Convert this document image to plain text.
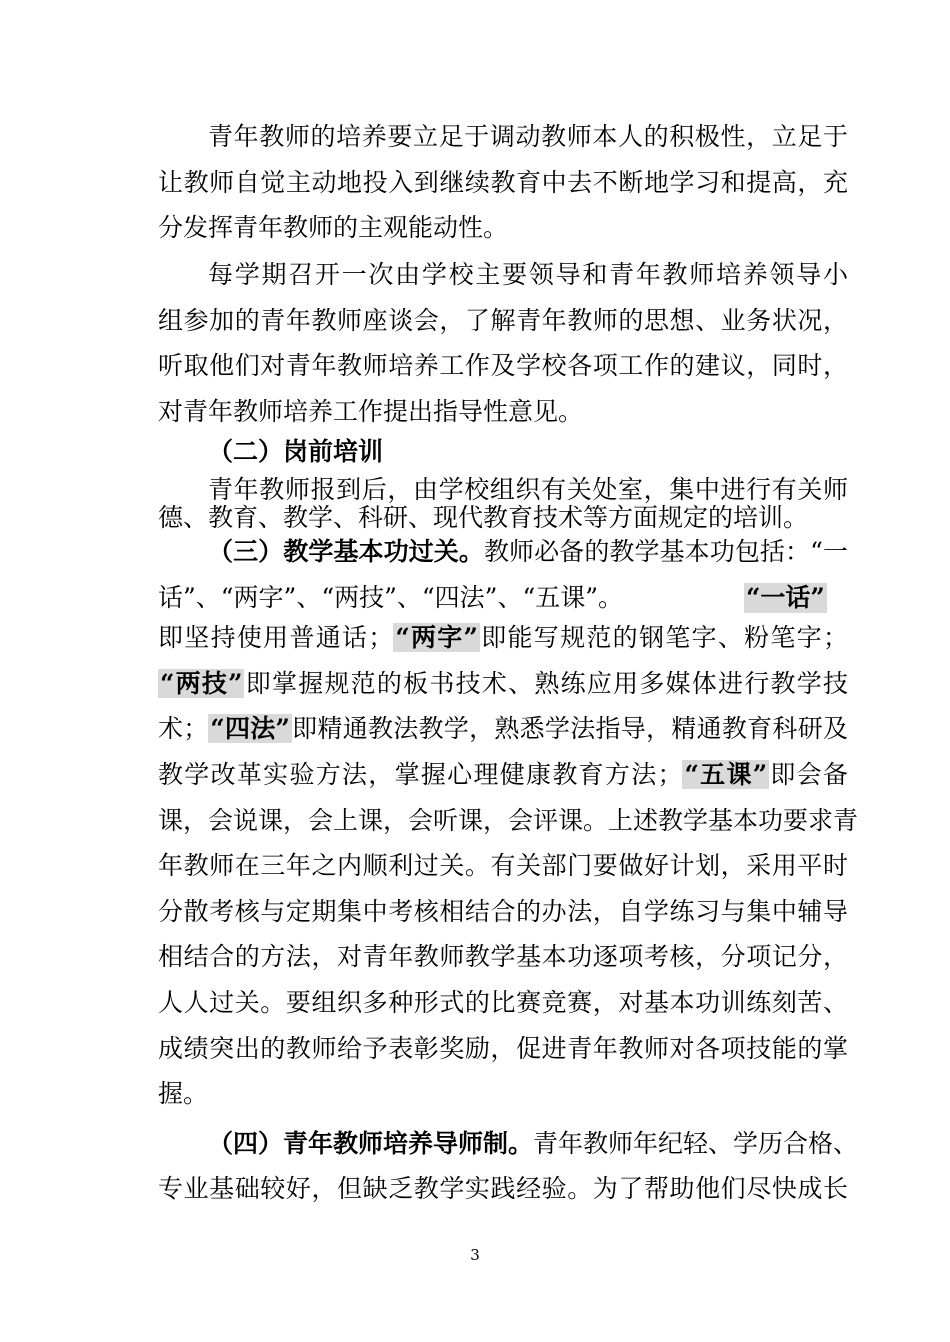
青年教师的培养要立足于调动教师本人的积极性，立足于
让教师自觉主动地投入到继续教育中去不断地学习和提高，充
分发挥青年教师的主观能动性。
每学期召开一次由学校主要领导和青年教师培养领导小
组参加的青年教师座谈会，了解青年教师的思想、业务状况，
听取他们对青年教师培养工作及学校各项工作的建议，同时，
对青年教师培养工作提出指导性意见。
（二）岗前培训
青年教师报到后，由学校组织有关处室，集中进行有关师
德、教育、教学、科研、现代教育技术等方面规定的培训。
（三）教学基本功过关。教师必备的教学基本功包括：“一
话”、“两字”、“两技”、“四法”、“五课”。	“一话”
即坚持使用普通话；“两字”即能写规范的钢笔字、粉笔字；
“两技”即掌握规范的板书技术、熟练应用多媒体进行教学技
术；“四法”即精通教法教学，熟悉学法指导，精通教育科研及
教学改革实验方法，掌握心理健康教育方法；“五课”即会备
课，会说课，会上课，会听课，会评课。上述教学基本功要求青
年教师在三年之内顺利过关。有关部门要做好计划，采用平时
分散考核与定期集中考核相结合的办法，自学练习与集中辅导
相结合的方法，对青年教师教学基本功逐项考核，分项记分，
人人过关。要组织多种形式的比赛竞赛，对基本功训练刻苦、
成绩突出的教师给予表彰奖励，促进青年教师对各项技能的掌
握。
（四）青年教师培养导师制。青年教师年纪轻、学历合格、
专业基础较好，但缺乏教学实践经验。为了帮助他们尽快成长
3
